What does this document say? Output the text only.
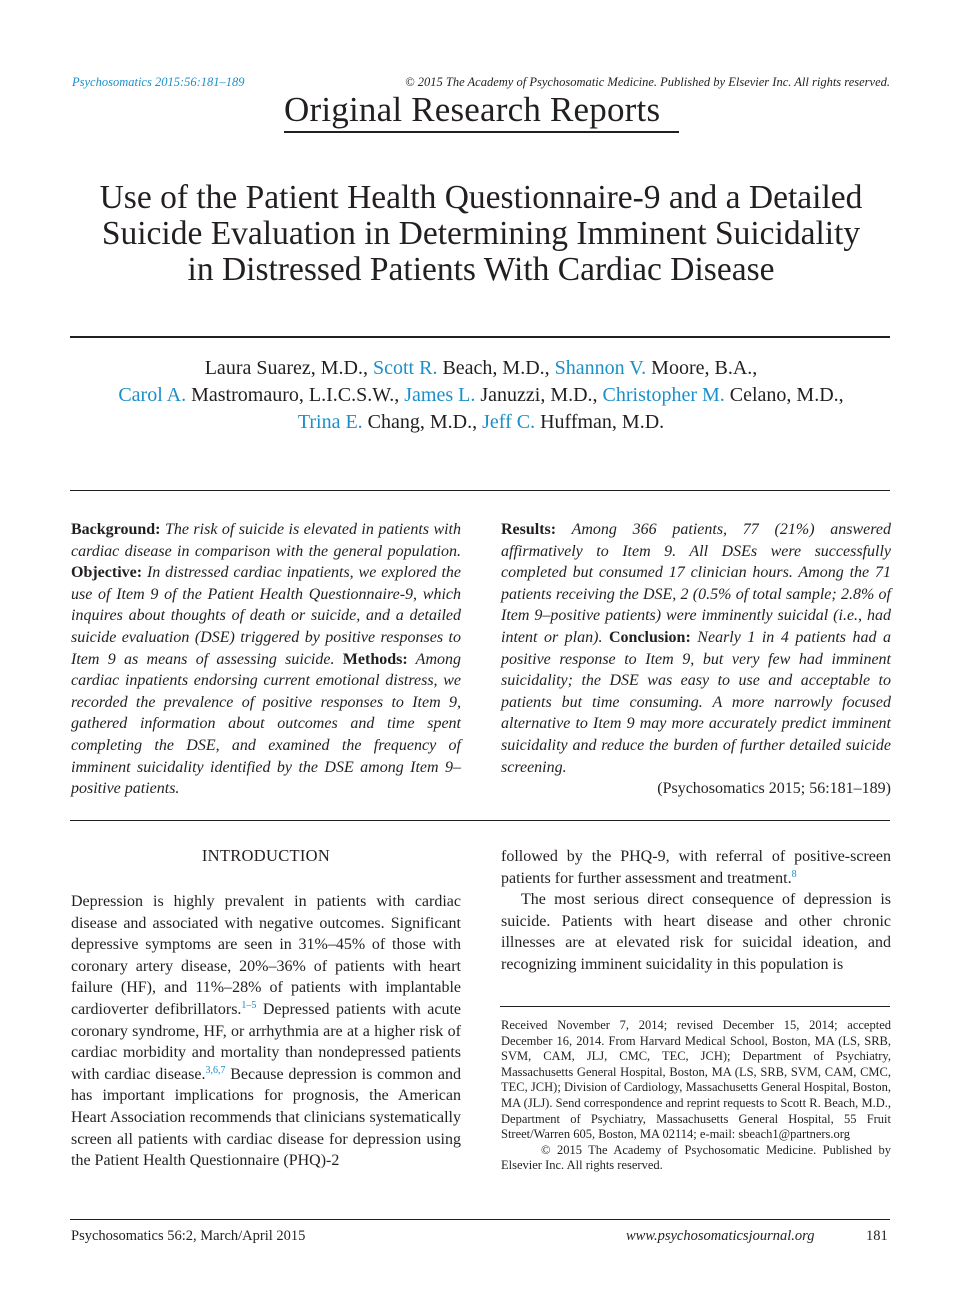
Psychosomatics 2015:56:181–189	© 2015 The Academy of Psychosomatic Medicine. Published by Elsevier Inc. All rights reserved.
Original Research Reports
Use of the Patient Health Questionnaire-9 and a Detailed
Suicide Evaluation in Determining Imminent Suicidality
in Distressed Patients With Cardiac Disease
Laura Suarez, M.D., Scott R. Beach, M.D., Shannon V. Moore, B.A.,
Carol A. Mastromauro, L.I.C.S.W., James L. Januzzi, M.D., Christopher M. Celano, M.D.,
Trina E. Chang, M.D., Jeff C. Huffman, M.D.
Background: The risk of suicide is elevated in patients with cardiac disease in comparison with the general population. Objective: In distressed cardiac inpatients, we explored the use of Item 9 of the Patient Health Questionnaire-9, which inquires about thoughts of death or suicide, and a detailed suicide evaluation (DSE) triggered by positive responses to Item 9 as means of assessing suicide. Methods: Among cardiac inpatients endorsing current emotional distress, we recorded the prevalence of positive responses to Item 9, gathered information about outcomes and time spent completing the DSE, and examined the frequency of imminent suicidality identified by the DSE among Item 9–positive patients.
Results: Among 366 patients, 77 (21%) answered affirmatively to Item 9. All DSEs were successfully completed but consumed 17 clinician hours. Among the 71 patients receiving the DSE, 2 (0.5% of total sample; 2.8% of Item 9–positive patients) were imminently suicidal (i.e., had intent or plan). Conclusion: Nearly 1 in 4 patients had a positive response to Item 9, but very few had imminent suicidality; the DSE was easy to use and acceptable to patients but time consuming. A more narrowly focused alternative to Item 9 may more accurately predict imminent suicidality and reduce the burden of further detailed suicide screening.
(Psychosomatics 2015; 56:181–189)
INTRODUCTION
Depression is highly prevalent in patients with cardiac disease and associated with negative outcomes. Significant depressive symptoms are seen in 31%–45% of those with coronary artery disease, 20%–36% of patients with heart failure (HF), and 11%–28% of patients with implantable cardioverter defibrillators.$^{1-5}$ Depressed patients with acute coronary syndrome, HF, or arrhythmia are at a higher risk of cardiac morbidity and mortality than nondepressed patients with cardiac disease.$^{3,6,7}$ Because depression is common and has important implications for prognosis, the American Heart Association recommends that clinicians systematically screen all patients with cardiac disease for depression using the Patient Health Questionnaire (PHQ)-2

followed by the PHQ-9, with referral of positive-screen patients for further assessment and treatment.$^8$

The most serious direct consequence of depression is suicide. Patients with heart disease and other chronic illnesses are at elevated risk for suicidal ideation, and recognizing imminent suicidality in this population is

Received November 7, 2014; revised December 15, 2014; accepted December 16, 2014. From Harvard Medical School, Boston, MA (LS, SRB, SVM, CAM, JLJ, CMC, TEC, JCH); Department of Psychiatry, Massachusetts General Hospital, Boston, MA (LS, SRB, SVM, CAM, CMC, TEC, JCH); Division of Cardiology, Massachusetts General Hospital, Boston, MA (JLJ). Send correspondence and reprint requests to Scott R. Beach, M.D., Department of Psychiatry, Massachusetts General Hospital, 55 Fruit Street/Warren 605, Boston, MA 02114; e-mail: sbeach1@partners.org
© 2015 The Academy of Psychosomatic Medicine. Published by Elsevier Inc. All rights reserved.
Psychosomatics 56:2, March/April 2015	www.psychosomaticsjournal.org	181
